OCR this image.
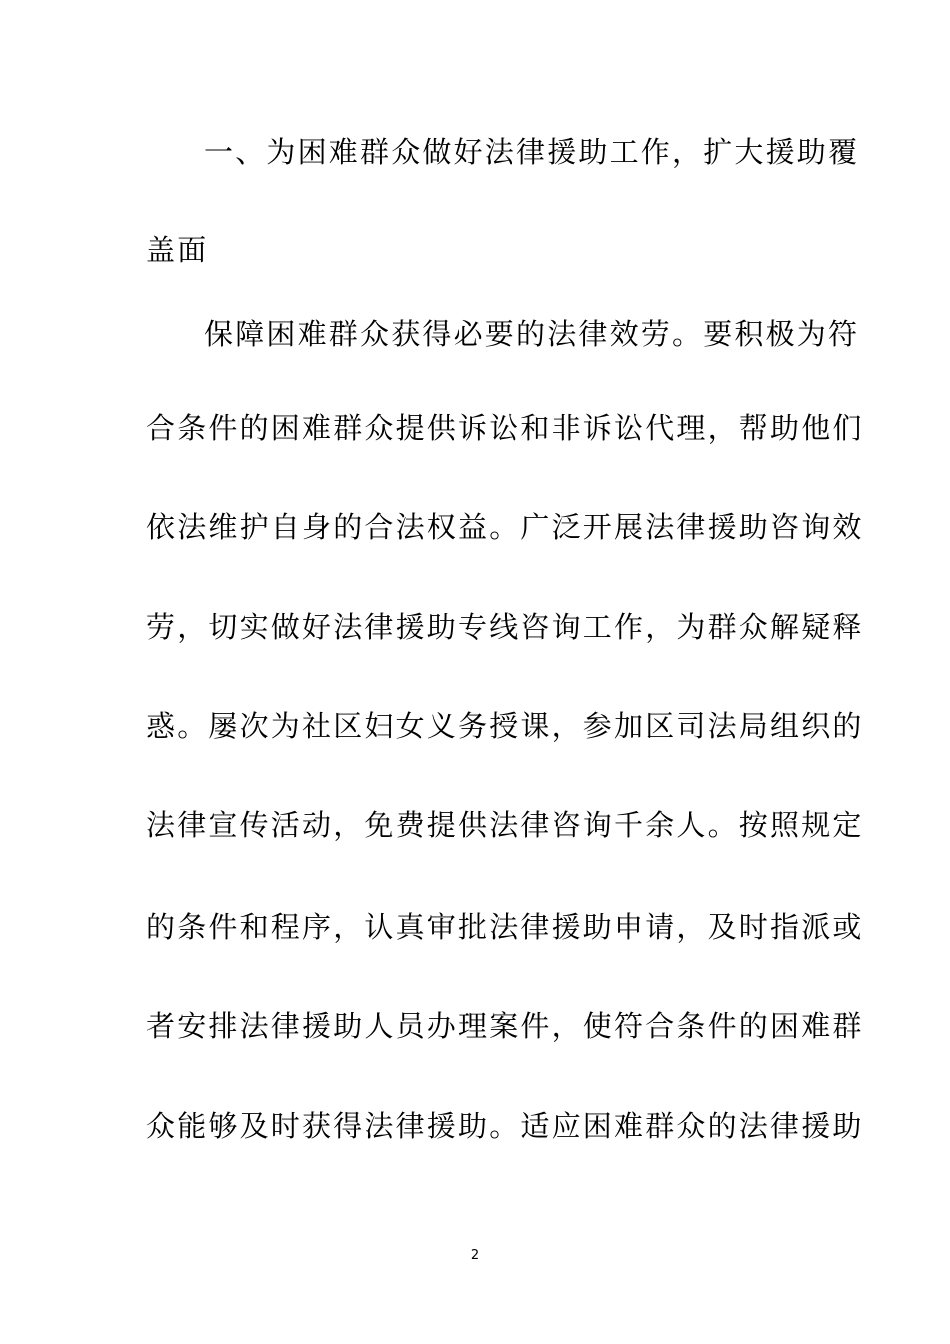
一、为困难群众做好法律援助工作，扩大援助覆
盖面
保障困难群众获得必要的法律效劳。要积极为符
合条件的困难群众提供诉讼和非诉讼代理，帮助他们
依法维护自身的合法权益。广泛开展法律援助咨询效
劳，切实做好法律援助专线咨询工作，为群众解疑释
惑。屡次为社区妇女义务授课，参加区司法局组织的
法律宣传活动，免费提供法律咨询千余人。按照规定
的条件和程序，认真审批法律援助申请，及时指派或
者安排法律援助人员办理案件，使符合条件的困难群
众能够及时获得法律援助。适应困难群众的法律援助
2
